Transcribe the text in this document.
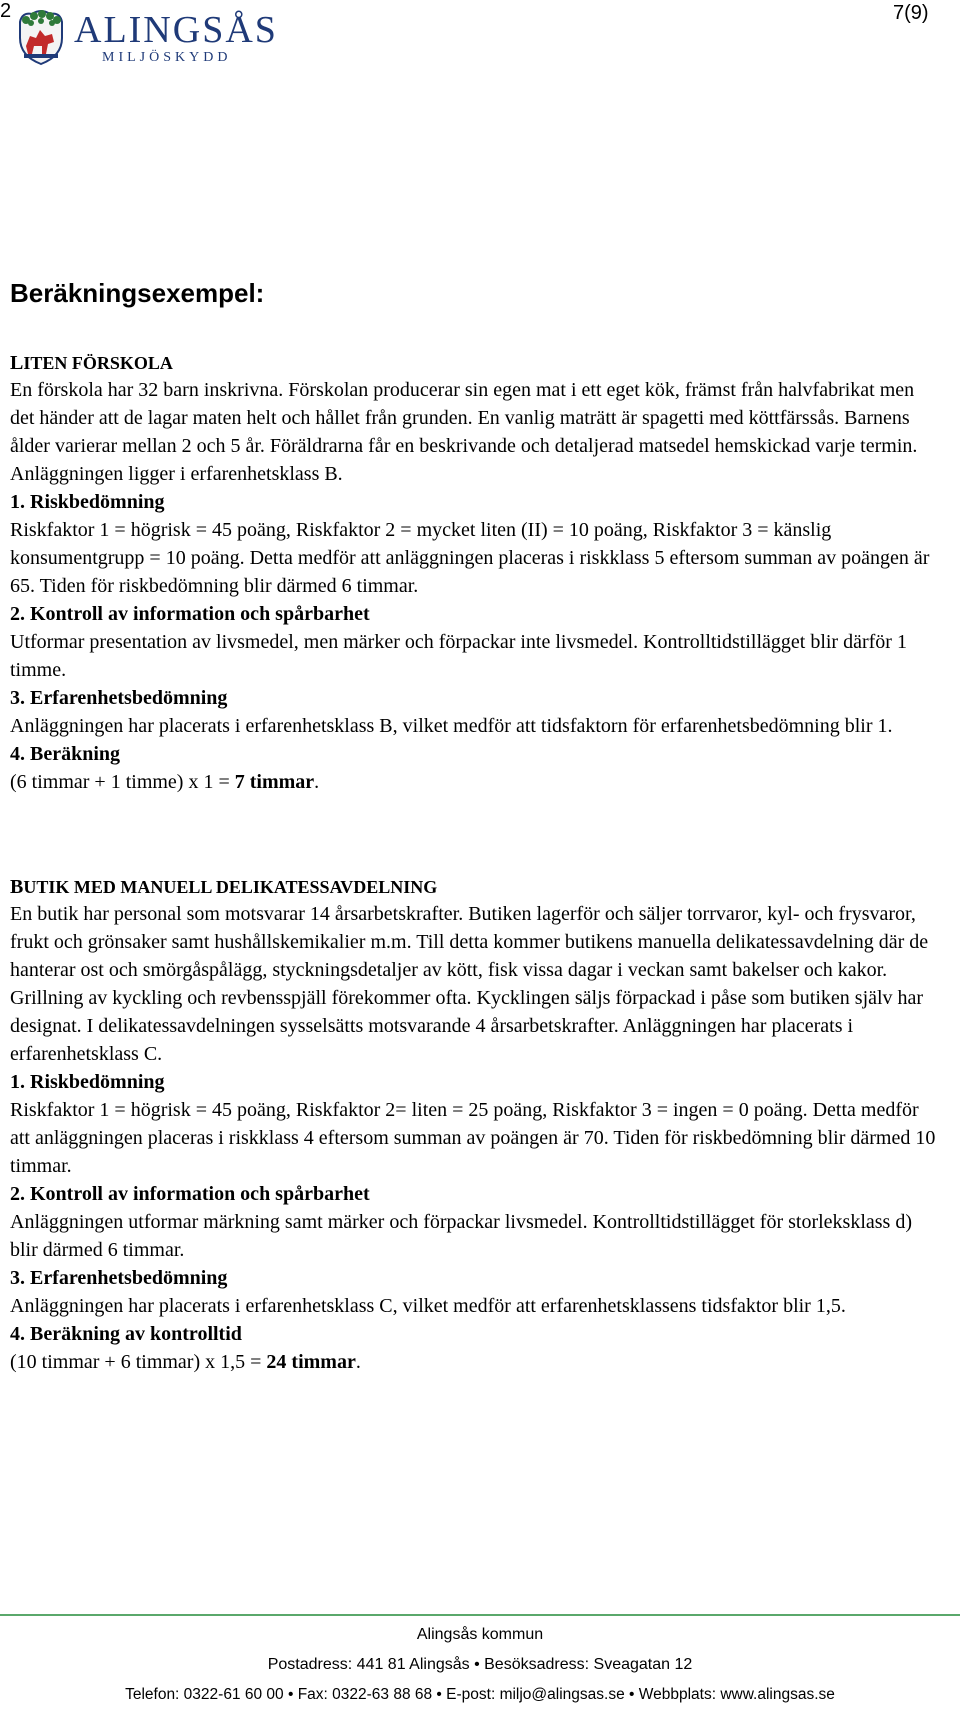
2 ALINGSÅS
MILJÖSKYDD
7(9)
Beräkningsexempel:

LITEN FÖRSKOLA

En förskola har 32 barn inskrivna. Förskolan producerar sin egen mat i ett eget kök, främst från halvfabrikat men det händer att de lagar maten helt och hållet från grunden. En vanlig maträtt är spagetti med köttfärssås. Barnens ålder varierar mellan 2 och 5 år. Föräldrarna får en beskrivande och detaljerad matsedel hemskickad varje termin. Anläggningen ligger i erfarenhetsklass B.

1. Riskbedömning

Riskfaktor 1 = högrisk = 45 poäng, Riskfaktor 2 = mycket liten (II) = 10 poäng, Riskfaktor 3 = känslig konsumentgrupp = 10 poäng. Detta medför att anläggningen placeras i riskklass 5 eftersom summan av poängen är 65. Tiden för riskbedömning blir därmed 6 timmar.

2. Kontroll av information och spårbarhet

Utformar presentation av livsmedel, men märker och förpackar inte livsmedel. Kontrolltidstillägget blir därför 1 timme.

3. Erfarenhetsbedömning

Anläggningen har placerats i erfarenhetsklass B, vilket medför att tidsfaktorn för erfarenhetsbedömning blir 1.

4. Beräkning

(6 timmar + 1 timme) x 1 = 7 timmar.

BUTIK MED MANUELL DELIKATESSAVDELNING

En butik har personal som motsvarar 14 årsarbetskrafter. Butiken lagerför och säljer torrvaror, kyl- och frysvaror, frukt och grönsaker samt hushållskemikalier m.m. Till detta kommer butikens manuella delikatessavdelning där de hanterar ost och smörgåspålägg, styckningsdetaljer av kött, fisk vissa dagar i veckan samt bakelser och kakor. Grillning av kyckling och revbensspjäll förekommer ofta. Kycklingen säljs förpackad i påse som butiken själv har designat. I delikatessavdelningen sysselsätts motsvarande 4 årsarbetskrafter. Anläggningen har placerats i erfarenhetsklass C.

1. Riskbedömning

Riskfaktor 1 = högrisk = 45 poäng, Riskfaktor 2= liten = 25 poäng, Riskfaktor 3 = ingen = 0 poäng. Detta medför att anläggningen placeras i riskklass 4 eftersom summan av poängen är 70. Tiden för riskbedömning blir därmed 10 timmar.

2. Kontroll av information och spårbarhet

Anläggningen utformar märkning samt märker och förpackar livsmedel. Kontrolltidstillägget för storleksklass d) blir därmed 6 timmar.

3. Erfarenhetsbedömning

Anläggningen har placerats i erfarenhetsklass C, vilket medför att erfarenhetsklassens tidsfaktor blir 1,5.

4. Beräkning av kontrolltid

(10 timmar + 6 timmar) x 1,5 = 24 timmar.

Alingsås kommun
Postadress: 441 81 Alingsås • Besöksadress: Sveagatan 12
Telefon: 0322-61 60 00 • Fax: 0322-63 88 68 • E-post: miljo@alingsas.se • Webbplats: www.alingsas.se
